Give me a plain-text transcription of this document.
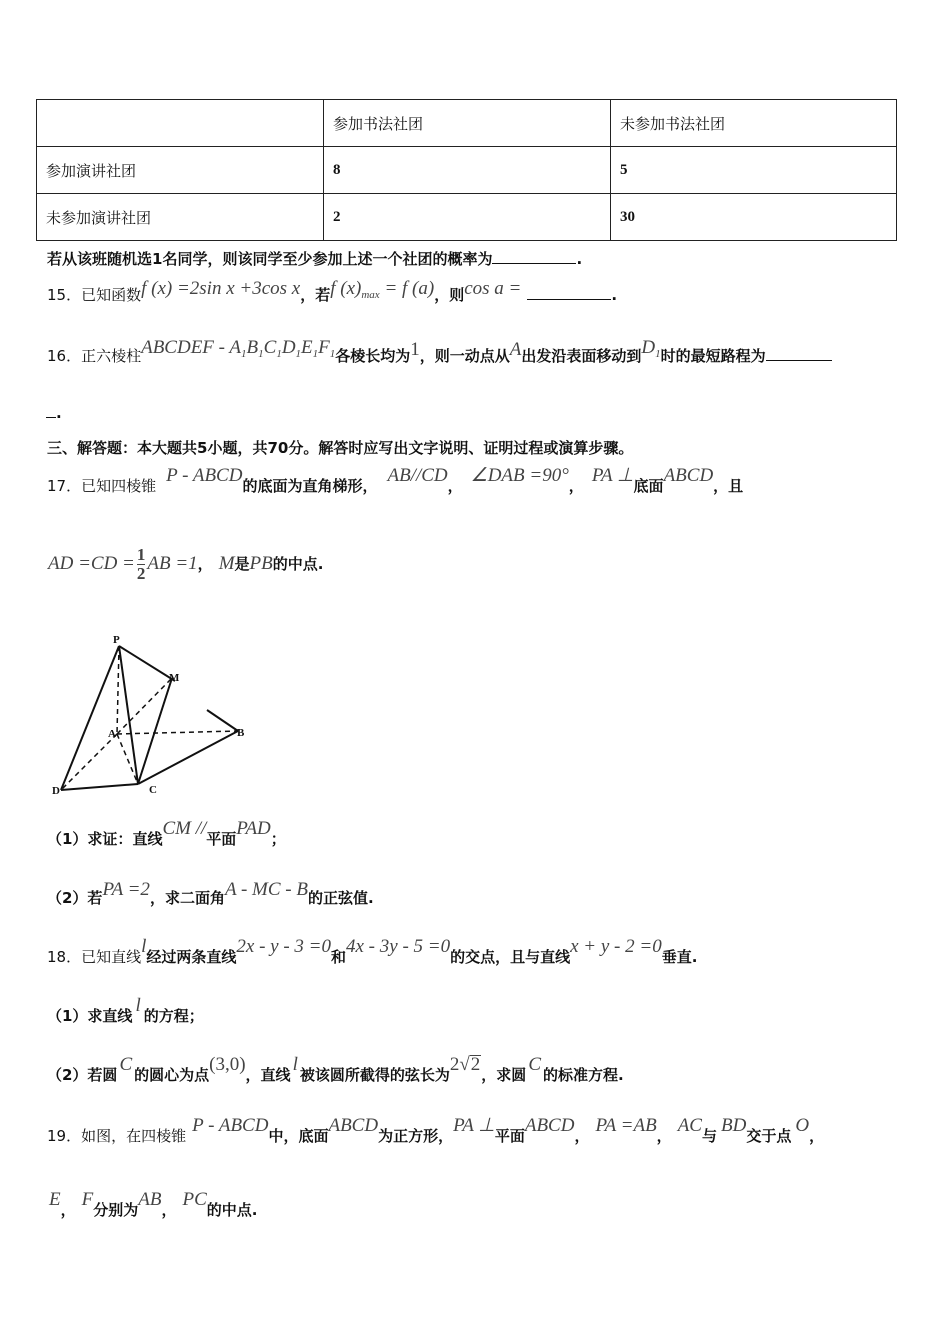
	参加书法社团	未参加书法社团
参加演讲社团	8	5
未参加演讲社团	2	30
若从该班随机选1名同学，则该同学至少参加上述一个社团的概率为	.
15．已知函数f (x) =2sin x +3cos x，若f $(x)_{max} = f$ (a)，则cos a =	.
16．正六棱柱ABCDEF - $A_1B_1C_1D_1E_1F_1$各棱长均为1，则一动点从A出发沿表面移动到$D_1$时的最短路程为
.
三、解答题：本大题共5小题，共70分。解答时应写出文字说明、证明过程或演算步骤。
17．已知四棱锥 P - ABCD的底面为直角梯形， AB//CD， ∠DAB =90°， PA ⊥底面ABCD，且
AD $=CD = \frac{1}{2}$ AB =1， M是PB的中点.
P
M
A	B
C
D
（1）求证：直线CM //平面PAD；
（2）若PA =2，求二面角A - MC - B的正弦值.
18．已知直线l经过两条直线2x - y - 3 =0和4x - 3y - 5 =0的交点，且与直线x + y - 2 =0垂直.
（1）求直线 l 的方程；
（2）若圆 C 的圆心为点(3,0)，直线 l 被该圆所截得的弦长为2√2，求圆 C 的标准方程.
19．如图，在四棱锥 P - ABCD中，底面ABCD为正方形，PA ⊥平面ABCD， PA =AB， AC与 BD交于点 O，
E， F分别为AB， PC的中点.
